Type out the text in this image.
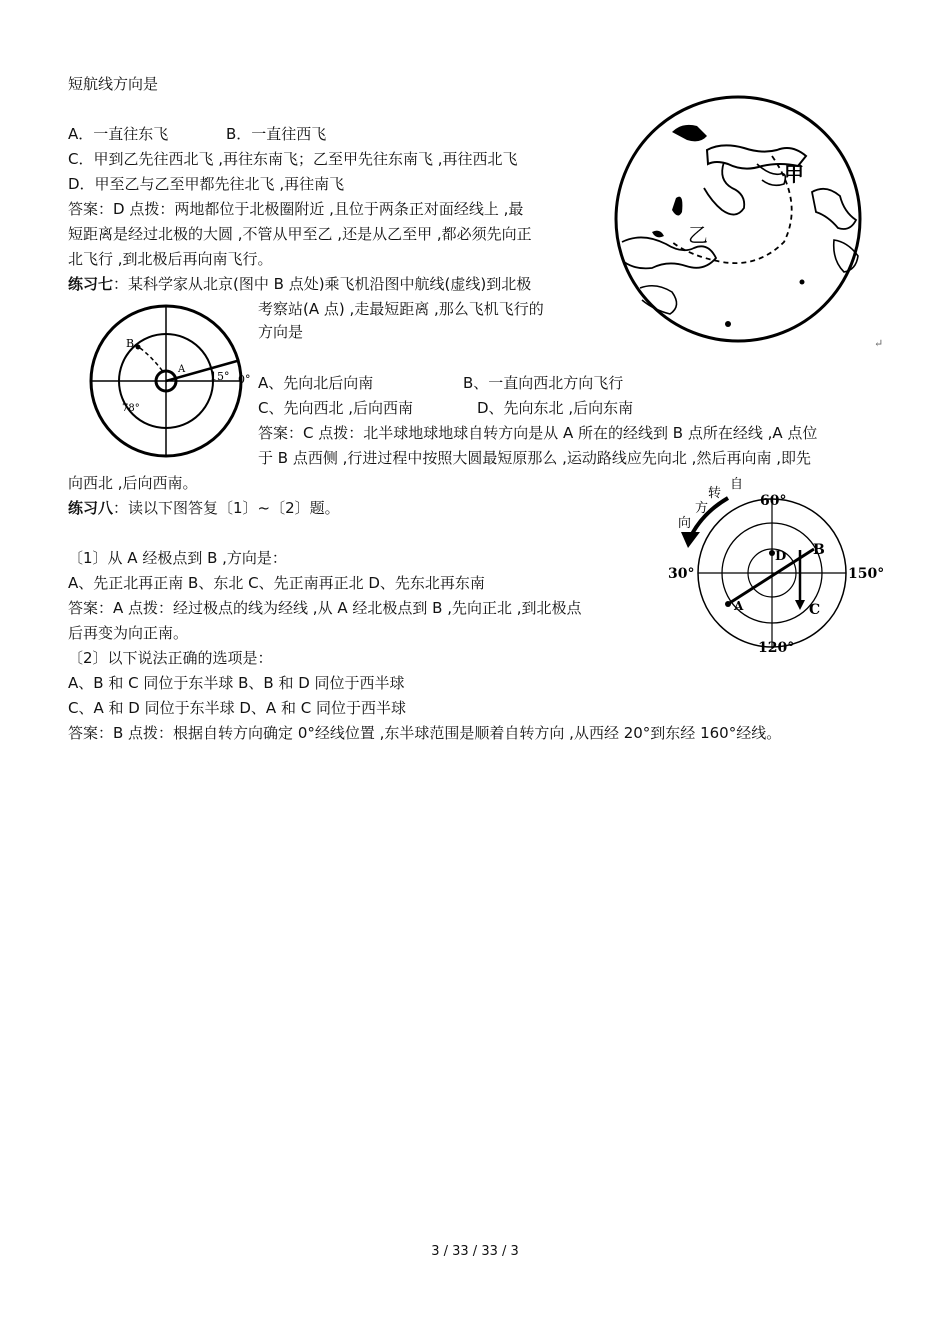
短航线方向是
A．一直往东飞	B．一直往西飞
C．甲到乙先往西北飞 ,再往东南飞；乙至甲先往东南飞 ,再往西北飞
D．甲至乙与乙至甲都先往北飞 ,再往南飞
答案：D 点拨：两地都位于北极圈附近 ,且位于两条正对面经线上 ,最
短距离是经过北极的大圆 ,不管从甲至乙 ,还是从乙至甲 ,都必须先向正
北飞行 ,到北极后再向南飞行。
练习七：某科学家从北京(图中 B 点处)乘飞机沿图中航线(虚线)到北极
考察站(A 点) ,走最短距离 ,那么飞机飞行的
方向是
A、先向北后向南	B、一直向西北方向飞行
C、先向西北 ,后向西南	D、先向东北 ,后向东南
答案：C 点拨：北半球地球地球自转方向是从 A 所在的经线到 B 点所在经线 ,A 点位
于 B 点西侧 ,行进过程中按照大圆最短原那么 ,运动路线应先向北 ,然后再向南 ,即先
向西北 ,后向西南。
B
A
15° 0°
78°
练习八：读以下图答复〔1〕~〔2〕题。
〔1〕从 A 经极点到 B ,方向是：
A、先正北再正南 B、东北 C、先正南再正北 D、先东北再东南
答案：A 点拨：经过极点的线为经线 ,从 A 经北极点到 B ,先向正北 ,到北极点
后再变为向正南。
〔2〕以下说法正确的选项是：
A、B 和 C 同位于东半球 B、B 和 D 同位于西半球
C、A 和 D 同位于东半球 D、A 和 C 同位于西半球
答案：B 点拨：根据自转方向确定 0°经线位置 ,东半球范围是顺着自转方向 ,从西经 20°到东经 160°经线。
自
转
方
向
60°
30°	150°
120°
A
B
C
D
甲
乙
↵
3 / 33 / 33 / 3
